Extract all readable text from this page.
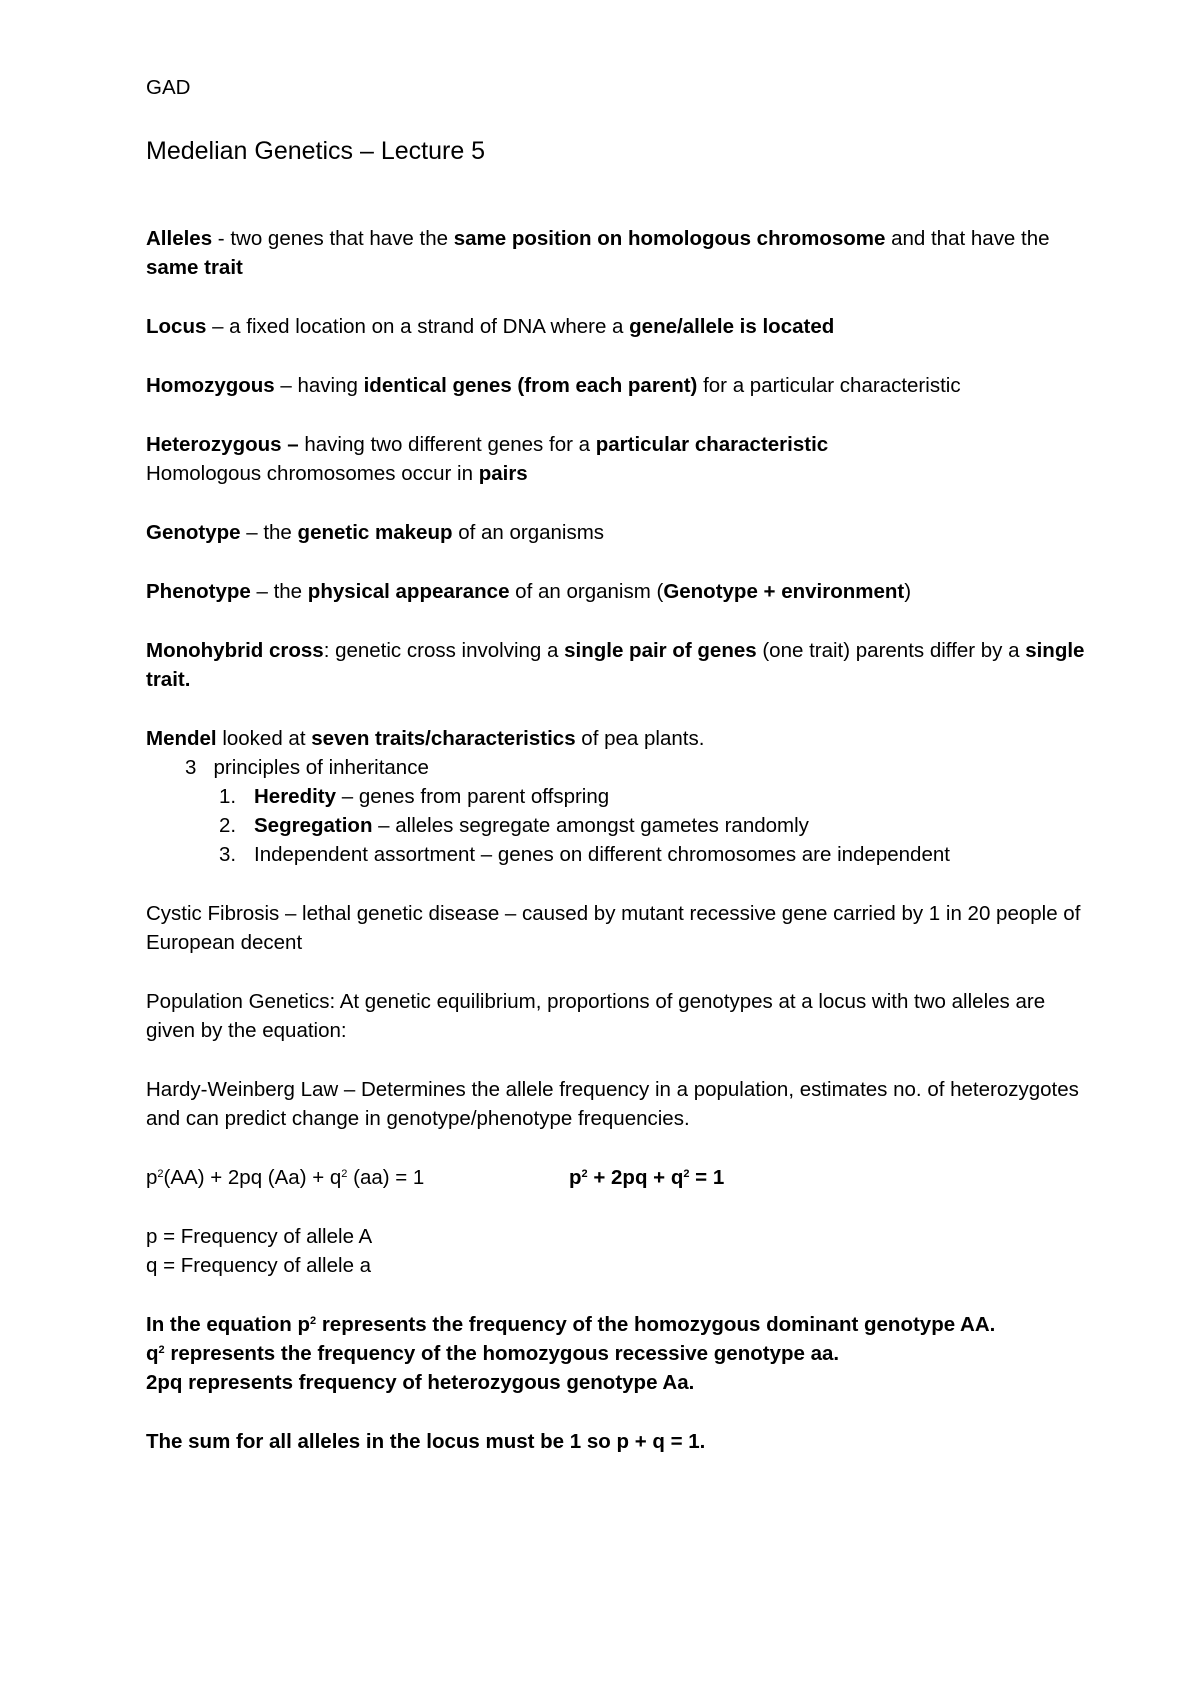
GAD

Medelian Genetics – Lecture 5

Alleles - two genes that have the same position on homologous chromosome and that have the same trait

Locus – a fixed location on a strand of DNA where a gene/allele is located

Homozygous – having identical genes (from each parent) for a particular characteristic

Heterozygous – having two different genes for a particular characteristic

Homologous chromosomes occur in pairs

Genotype – the genetic makeup of an organisms

Phenotype – the physical appearance of an organism (Genotype + environment)

Monohybrid cross: genetic cross involving a single pair of genes (one trait) parents differ by a single trait.

Mendel looked at seven traits/characteristics of pea plants.

3   principles of inheritance

1. Heredity – genes from parent offspring
2. Segregation – alleles segregate amongst gametes randomly
3. Independent assortment – genes on different chromosomes are independent

Cystic Fibrosis – lethal genetic disease – caused by mutant recessive gene carried by 1 in 20 people of European decent

Population Genetics: At genetic equilibrium, proportions of genotypes at a locus with two alleles are given by the equation:

Hardy-Weinberg Law – Determines the allele frequency in a population, estimates no. of heterozygotes and can predict change in genotype/phenotype frequencies.

$p^2(AA) + 2pq$ $(Aa) + q^2$ (aa) = 1	$p^2 + 2pq + q^2 = 1$

p = Frequency of allele A

q = Frequency of allele a

In the equation $p^2$ represents the frequency of the homozygous dominant genotype AA.

$q^2$ represents the frequency of the homozygous recessive genotype aa.

2pq represents frequency of heterozygous genotype Aa.

The sum for all alleles in the locus must be 1 so p + q = 1.
